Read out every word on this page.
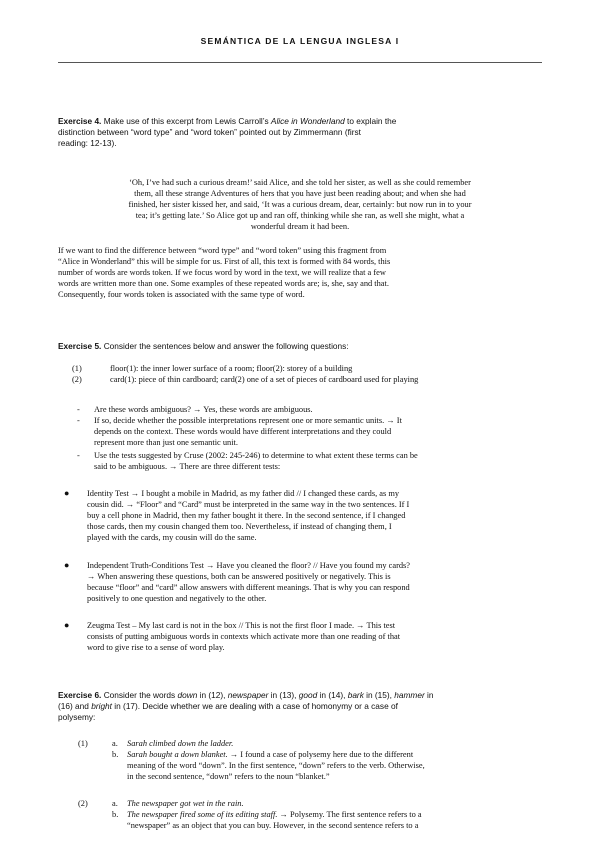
SEMÁNTICA DE LA LENGUA INGLESA I
Exercise 4. Make use of this excerpt from Lewis Carroll’s Alice in Wonderland to explain the
distinction between “word type” and “word token” pointed out by Zimmermann (first
reading: 12-13).
‘Oh, I’ve had such a curious dream!’ said Alice, and she told her sister, as well as she could remember
them, all these strange Adventures of hers that you have just been reading about; and when she had
finished, her sister kissed her, and said, ‘It was a curious dream, dear, certainly: but now run in to your
tea; it’s getting late.’ So Alice got up and ran off, thinking while she ran, as well she might, what a
wonderful dream it had been.
If we want to find the difference between “word type” and “word token” using this fragment from
“Alice in Wonderland” this will be simple for us. First of all, this text is formed with 84 words, this
number of words are words token. If we focus word by word in the text, we will realize that a few
words are written more than one. Some examples of these repeated words are; is, she, say and that.
Consequently, four words token is associated with the same type of word.
Exercise 5. Consider the sentences below and answer the following questions:
(1)	floor(1): the inner lower surface of a room; floor(2): storey of a building
(2)	card(1): piece of thin cardboard; card(2) one of a set of pieces of cardboard used for playing
- Are these words ambiguous? → Yes, these words are ambiguous.
- If so, decide whether the possible interpretations represent one or more semantic units. → It
depends on the context. These words would have different interpretations and they could
represent more than just one semantic unit.
- Use the tests suggested by Cruse (2002: 245-246) to determine to what extent these terms can be
said to be ambiguous. → There are three different tests:
● Identity Test → I bought a mobile in Madrid, as my father did // I changed these cards, as my
cousin did. → “Floor” and “Card” must be interpreted in the same way in the two sentences. If I
buy a cell phone in Madrid, then my father bought it there. In the second sentence, if I changed
those cards, then my cousin changed them too. Nevertheless, if instead of changing them, I
played with the cards, my cousin will do the same.
● Independent Truth-Conditions Test → Have you cleaned the floor? // Have you found my cards?
→ When answering these questions, both can be answered positively or negatively. This is
because “floor” and “card” allow answers with different meanings. That is why you can respond
positively to one question and negatively to the other.
● Zeugma Test – My last card is not in the box // This is not the first floor I made. → This test
consists of putting ambiguous words in contexts which activate more than one reading of that
word to give rise to a sense of word play.
Exercise 6. Consider the words down in (12), newspaper in (13), good in (14), bark in (15), hammer in
(16) and bright in (17). Decide whether we are dealing with a case of homonymy or a case of
polysemy:
(1)	a. Sarah climbed down the ladder.
b. Sarah bought a down blanket. → I found a case of polysemy here due to the different
meaning of the word “down”. In the first sentence, “down” refers to the verb. Otherwise,
in the second sentence, “down” refers to the noun “blanket.”
(2)	a. The newspaper got wet in the rain.
b. The newspaper fired some of its editing staff. → Polysemy. The first sentence refers to a
“newspaper” as an object that you can buy. However, in the second sentence refers to a
